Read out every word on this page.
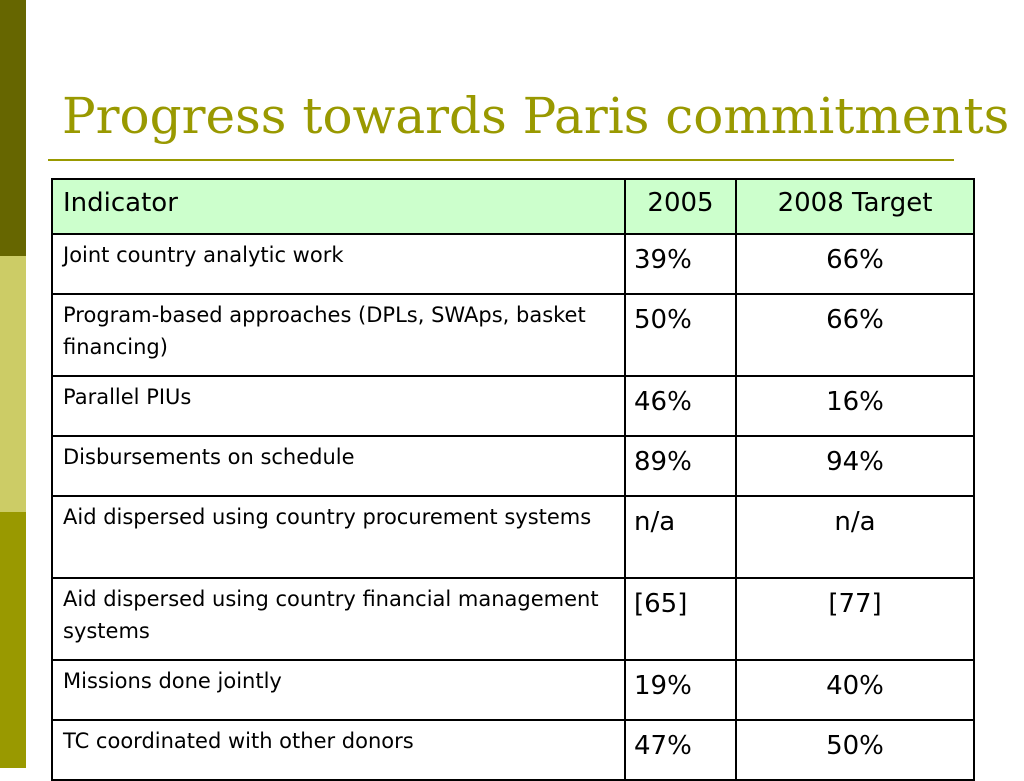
Progress towards Paris commitments
Indicator	2005	2008 Target
Joint country analytic work	39%	66%
Program-based approaches (DPLs, SWAps, basket financing)	50%	66%
Parallel PIUs	46%	16%
Disbursements on schedule	89%	94%
Aid dispersed using country procurement systems	n/a	n/a
Aid dispersed using country financial management systems	[65]	[77]
Missions done jointly	19%	40%
TC coordinated with other donors	47%	50%
